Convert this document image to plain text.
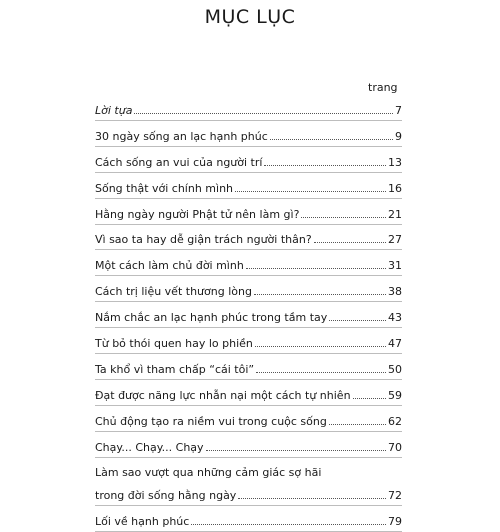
MỤC LỤC
trang
Lời tựa	7
30 ngày sống an lạc hạnh phúc	9
Cách sống an vui của người trí	13
Sống thật với chính mình	16
Hằng ngày người Phật tử nên làm gì?	21
Vì sao ta hay dễ giận trách người thân?	27
Một cách làm chủ đời mình	31
Cách trị liệu vết thương lòng	38
Nắm chắc an lạc hạnh phúc trong tầm tay	43
Từ bỏ thói quen hay lo phiền	47
Ta khổ vì tham chấp “cái tôi”	50
Đạt được năng lực nhẫn nại một cách tự nhiên	59
Chủ động tạo ra niềm vui trong cuộc sống	62
Chạy... Chạy... Chạy	70
Làm sao vượt qua những cảm giác sợ hãi
trong đời sống hằng ngày	72
Lối về hạnh phúc	79
